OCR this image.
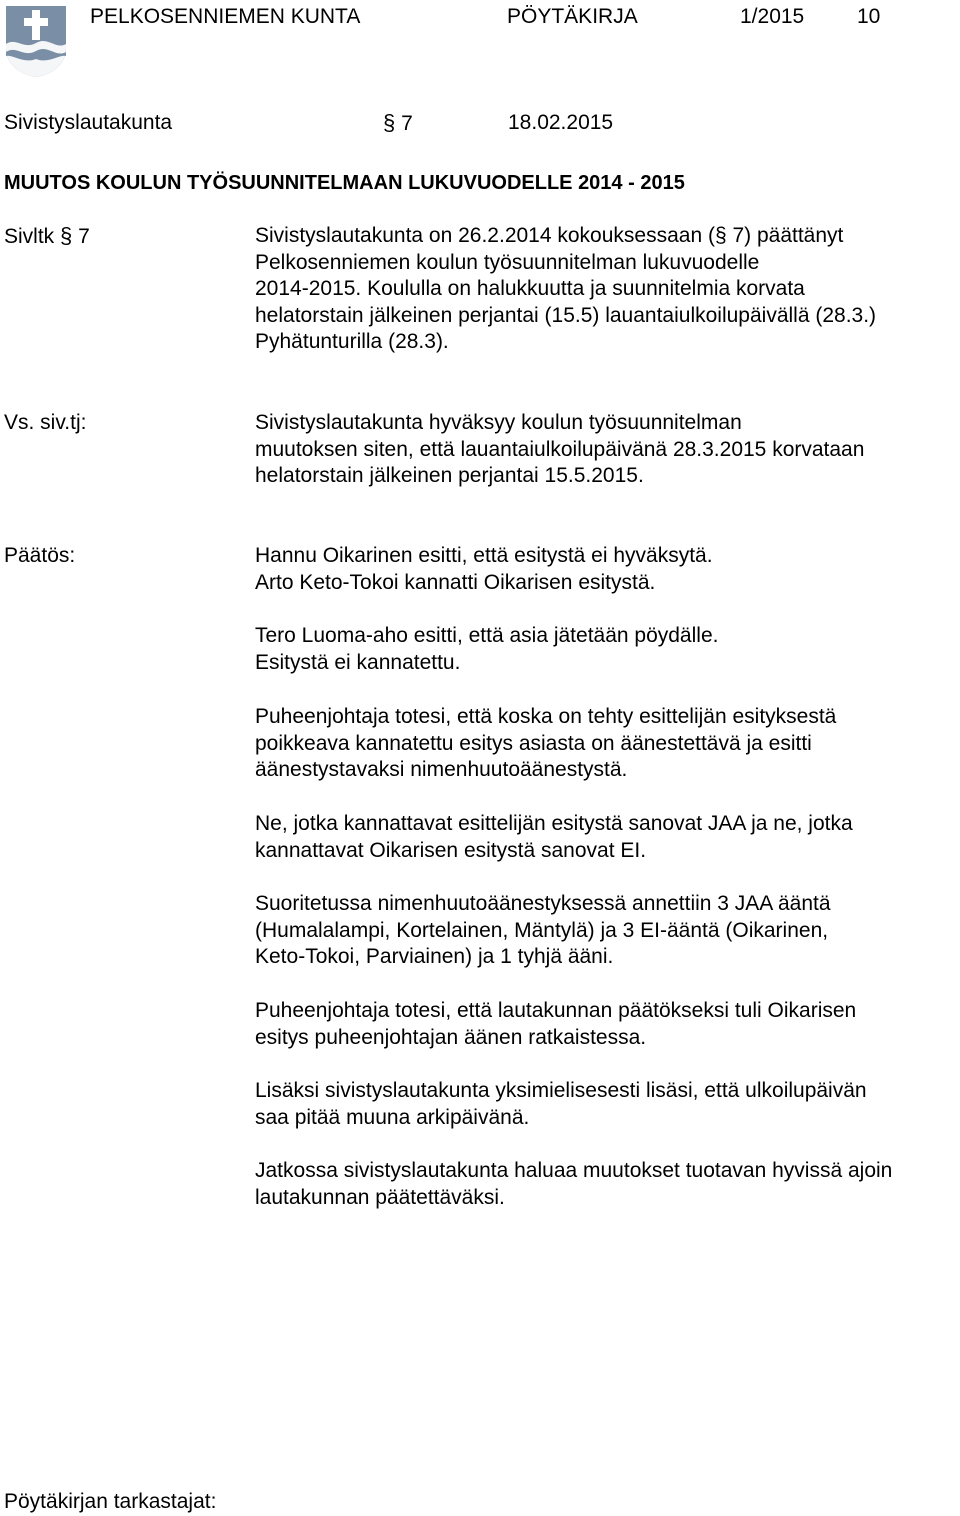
PELKOSENNIEMEN KUNTA	PÖYTÄKIRJA	1/2015	10
Sivistyslautakunta	§ 7	18.02.2015
MUUTOS KOULUN TYÖSUUNNITELMAAN LUKUVUODELLE 2014 - 2015
Sivltk § 7	Sivistyslautakunta on 26.2.2014 kokouksessaan (§ 7) päättänyt
Pelkosenniemen koulun työsuunnitelman lukuvuodelle
2014-2015. Koululla on halukkuutta ja suunnitelmia korvata
helatorstain jälkeinen perjantai (15.5) lauantaiulkoilupäivällä (28.3.)
Pyhätunturilla (28.3).
Vs. siv.tj:	Sivistyslautakunta hyväksyy koulun työsuunnitelman
muutoksen siten, että lauantaiulkoilupäivänä 28.3.2015 korvataan
helatorstain jälkeinen perjantai 15.5.2015.
Päätös:	Hannu Oikarinen esitti, että esitystä ei hyväksytä.
Arto Keto-Tokoi kannatti Oikarisen esitystä.
Tero Luoma-aho esitti, että asia jätetään pöydälle.
Esitystä ei kannatettu.
Puheenjohtaja totesi, että koska on tehty esittelijän esityksestä
poikkeava kannatettu esitys asiasta on äänestettävä ja esitti
äänestystavaksi nimenhuutoäänestystä.
Ne, jotka kannattavat esittelijän esitystä sanovat JAA ja ne, jotka
kannattavat Oikarisen esitystä sanovat EI.
Suoritetussa nimenhuutoäänestyksessä annettiin 3 JAA ääntä
(Humalalampi, Kortelainen, Mäntylä) ja 3 EI-ääntä (Oikarinen,
Keto-Tokoi, Parviainen) ja 1 tyhjä ääni.
Puheenjohtaja totesi, että lautakunnan päätökseksi tuli Oikarisen
esitys puheenjohtajan äänen ratkaistessa.
Lisäksi sivistyslautakunta yksimielisesesti lisäsi, että ulkoilupäivän
saa pitää muuna arkipäivänä.
Jatkossa sivistyslautakunta haluaa muutokset tuotavan hyvissä ajoin
lautakunnan päätettäväksi.
Pöytäkirjan tarkastajat:
